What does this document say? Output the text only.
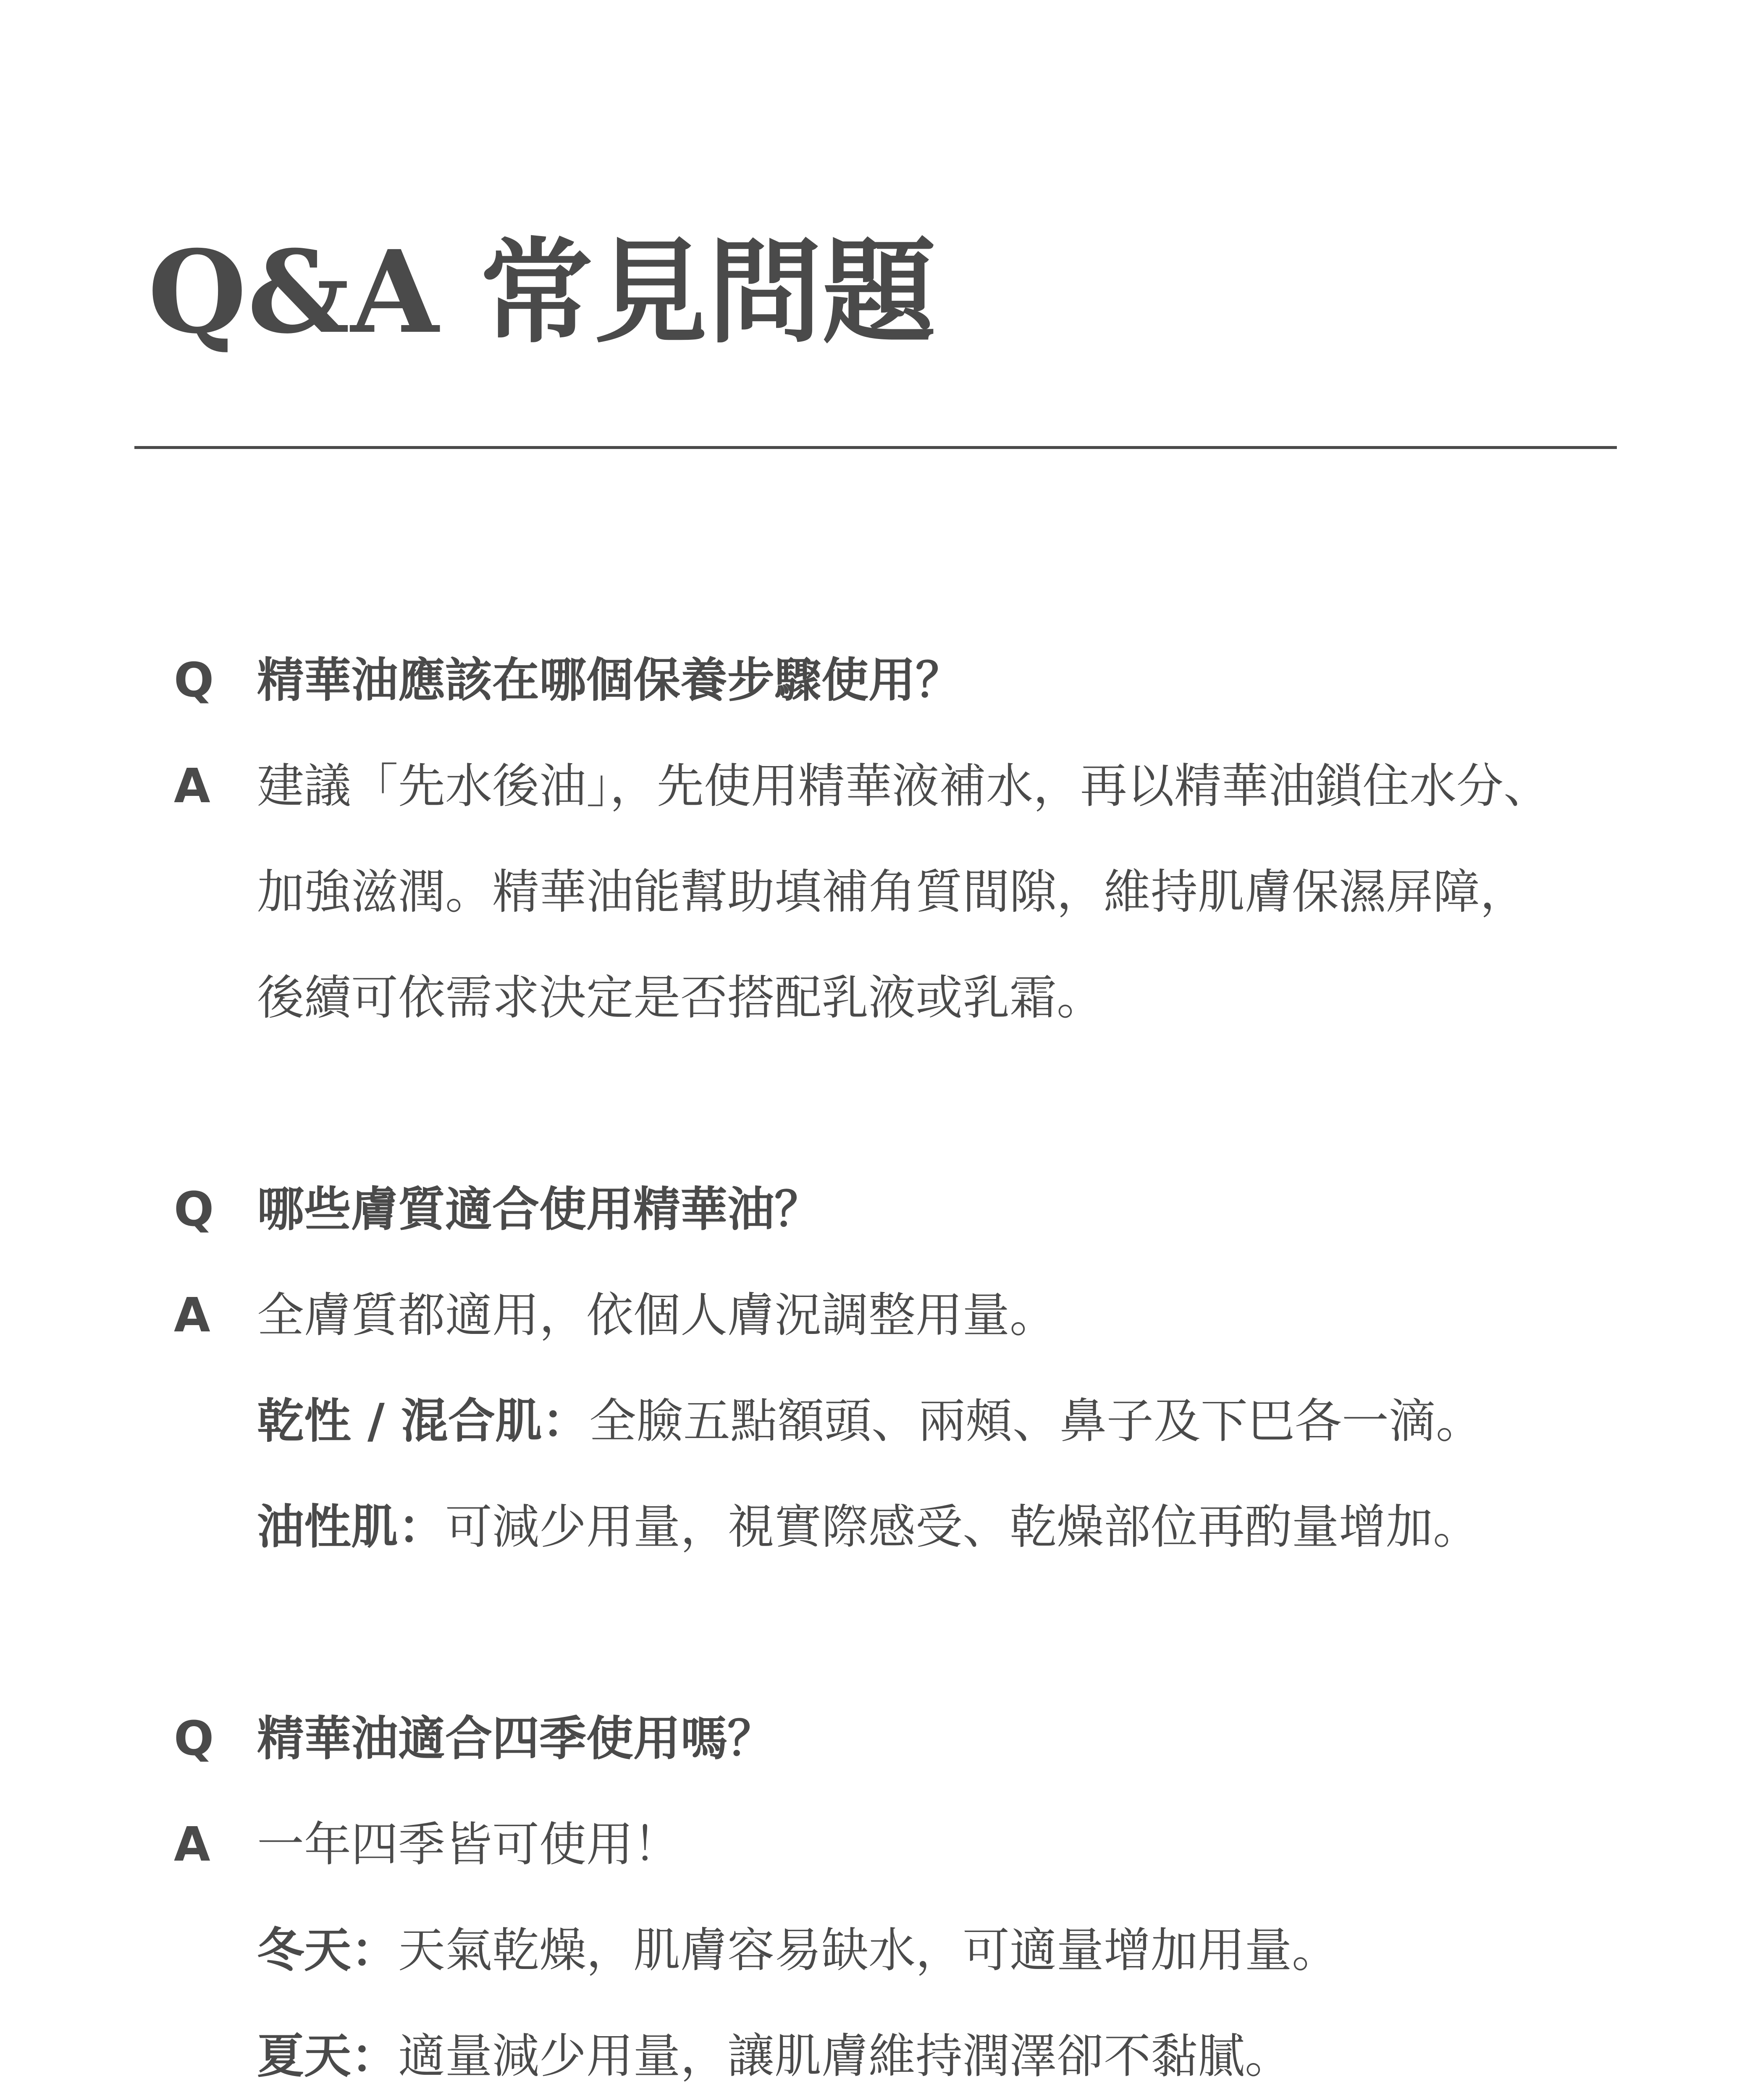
Q&A 常見問題
Q 精華油應該在哪個保養步驟使用？
A 建議「先水後油」，先使用精華液補水，再以精華油鎖住水分、
加強滋潤。精華油能幫助填補角質間隙，維持肌膚保濕屏障，
後續可依需求決定是否搭配乳液或乳霜。
Q 哪些膚質適合使用精華油？
A 全膚質都適用，依個人膚況調整用量。
乾性 / 混合肌：全臉五點額頭、兩頰、鼻子及下巴各一滴。
油性肌：可減少用量，視實際感受、乾燥部位再酌量增加。
Q 精華油適合四季使用嗎？
A 一年四季皆可使用！
冬天：天氣乾燥，肌膚容易缺水，可適量增加用量。
夏天：適量減少用量，讓肌膚維持潤澤卻不黏膩。
